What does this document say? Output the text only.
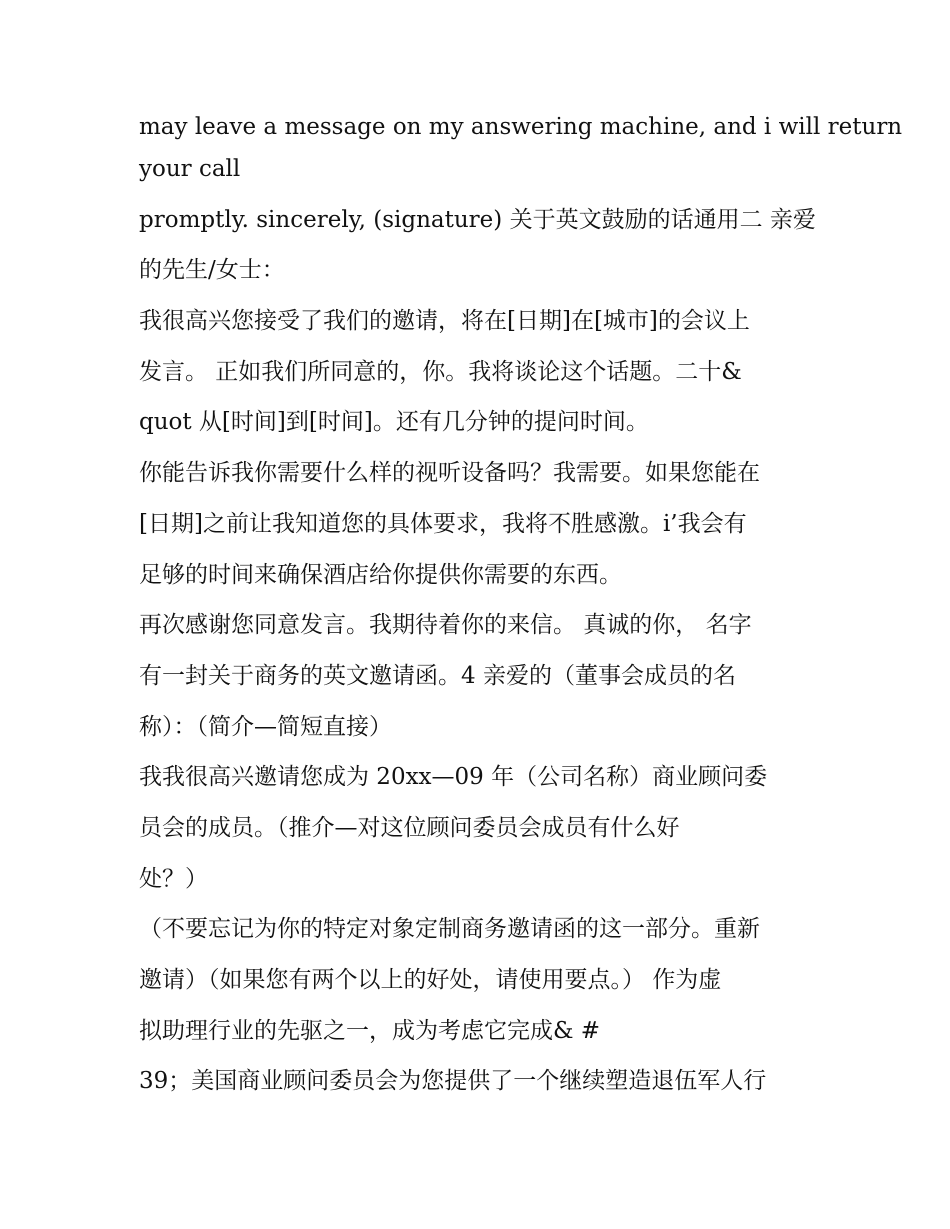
may leave a message on my answering machine, and i will return
your call
promptly. sincerely, (signature) 关于英文鼓励的话通用二 亲爱
的先生/女士：
我很高兴您接受了我们的邀请，将在[日期]在[城市]的会议上
发言。 正如我们所同意的，你。我将谈论这个话题。二十&
quot 从[时间]到[时间]。还有几分钟的提问时间。
你能告诉我你需要什么样的视听设备吗？我需要。如果您能在
[日期]之前让我知道您的具体要求，我将不胜感激。i’我会有
足够的时间来确保酒店给你提供你需要的东西。
再次感谢您同意发言。我期待着你的来信。 真诚的你， 名字
有一封关于商务的英文邀请函。4 亲爱的（董事会成员的名
称）：（简介—简短直接）
我我很高兴邀请您成为 20xx—09 年（公司名称）商业顾问委
员会的成员。（推介—对这位顾问委员会成员有什么好
处？）
（不要忘记为你的特定对象定制商务邀请函的这一部分。重新
邀请）（如果您有两个以上的好处，请使用要点。） 作为虚
拟助理行业的先驱之一，成为考虑它完成& #
39；美国商业顾问委员会为您提供了一个继续塑造退伍军人行
